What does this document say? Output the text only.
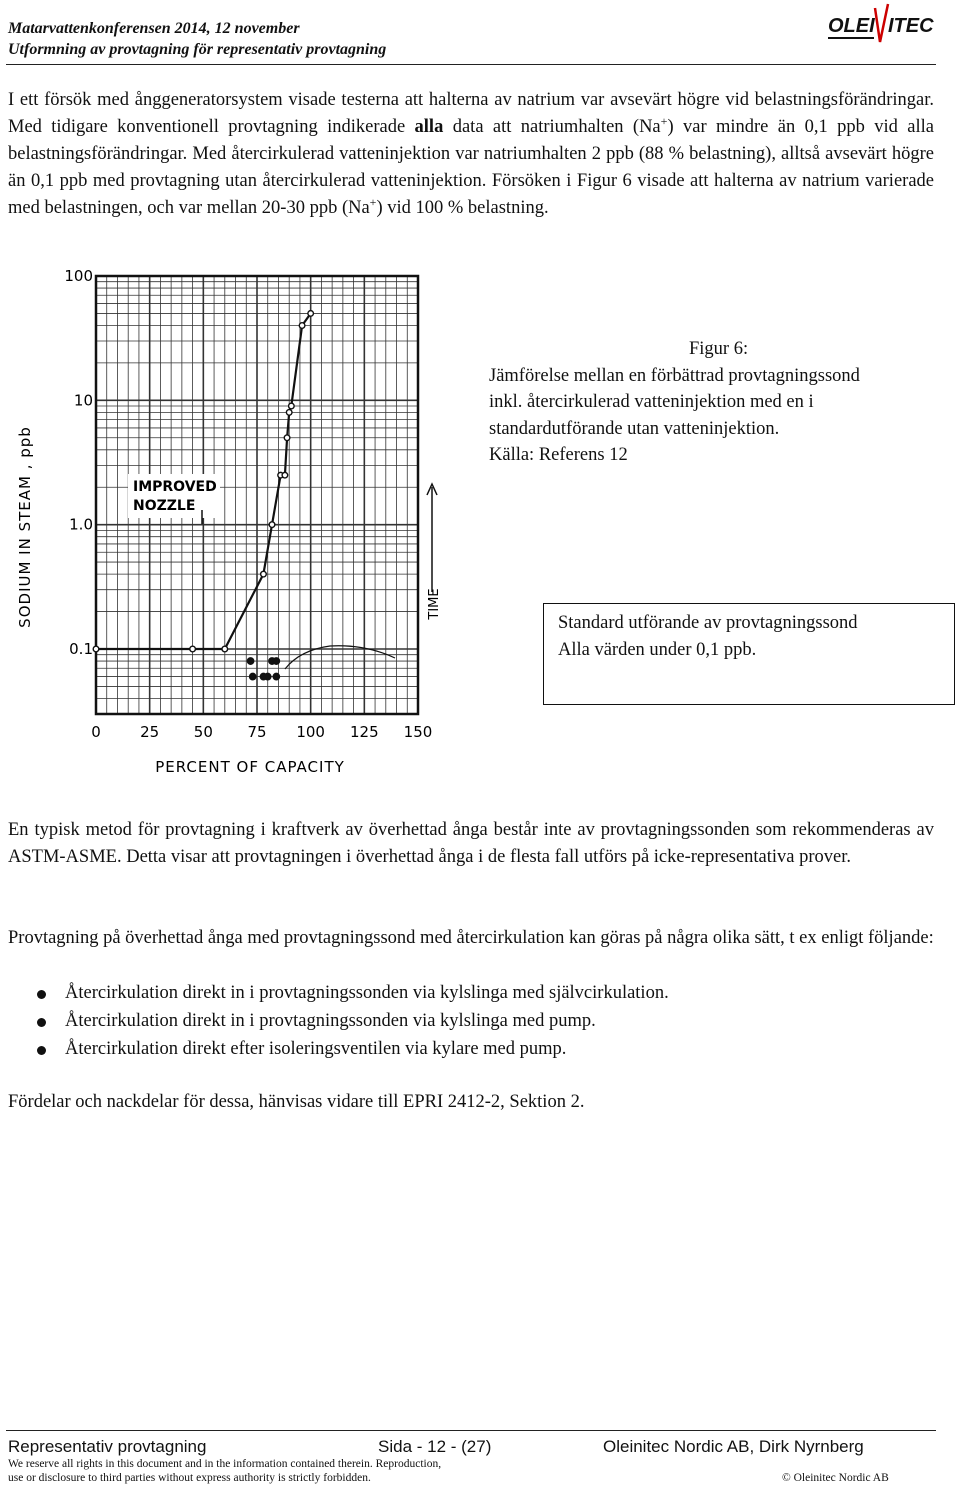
Matarvattenkonferensen 2014, 12 november
Utformning av provtagning för representativ provtagning
OLEI ITEC
I ett försök med ånggeneratorsystem visade testerna att halterna av natrium var avsevärt högre vid belastningsförändringar. Med tidigare konventionell provtagning indikerade alla data att natriumhalten (Na+) var mindre än 0,1 ppb vid alla belastningsförändringar. Med återcirkulerad vatteninjektion var natriumhalten 2 ppb (88 % belastning), alltså avsevärt högre än 0,1 ppb med provtagning utan återcirkulerad vatteninjektion. Försöken i Figur 6 visade att halterna av natrium varierade med belastningen, och var mellan 20-30 ppb (Na+) vid 100 % belastning.
0	25 50 75 100 125 150
0.1
1.0
10
100
PERCENT OF CAPACITY
SODIUM IN STEAM , ppb	IMPROVED
NOZZLE
TIME
Figur 6:
Jämförelse mellan en förbättrad provtagningssond
inkl. återcirkulerad vatteninjektion med en i
standardutförande utan vatteninjektion.
Källa: Referens 12
Standard utförande av provtagningssond
Alla värden under 0,1 ppb.
En typisk metod för provtagning i kraftverk av överhettad ånga består inte av provtagningssonden som rekommenderas av ASTM-ASME. Detta visar att provtagningen i överhettad ånga i de flesta fall utförs på icke-representativa prover.
Provtagning på överhettad ånga med provtagningssond med återcirkulation kan göras på några olika sätt, t ex enligt följande:
Återcirkulation direkt in i provtagningssonden via kylslinga med självcirkulation.
Återcirkulation direkt in i provtagningssonden via kylslinga med pump.
Återcirkulation direkt efter isoleringsventilen via kylare med pump.
Fördelar och nackdelar för dessa, hänvisas vidare till EPRI 2412-2, Sektion 2.
Representativ provtagning	Sida - 12 - (27)	Oleinitec Nordic AB, Dirk Nyrnberg
We reserve all rights in this document and in the information contained therein. Reproduction,
use or disclosure to third parties without express authority is strictly forbidden.	© Oleinitec Nordic AB
